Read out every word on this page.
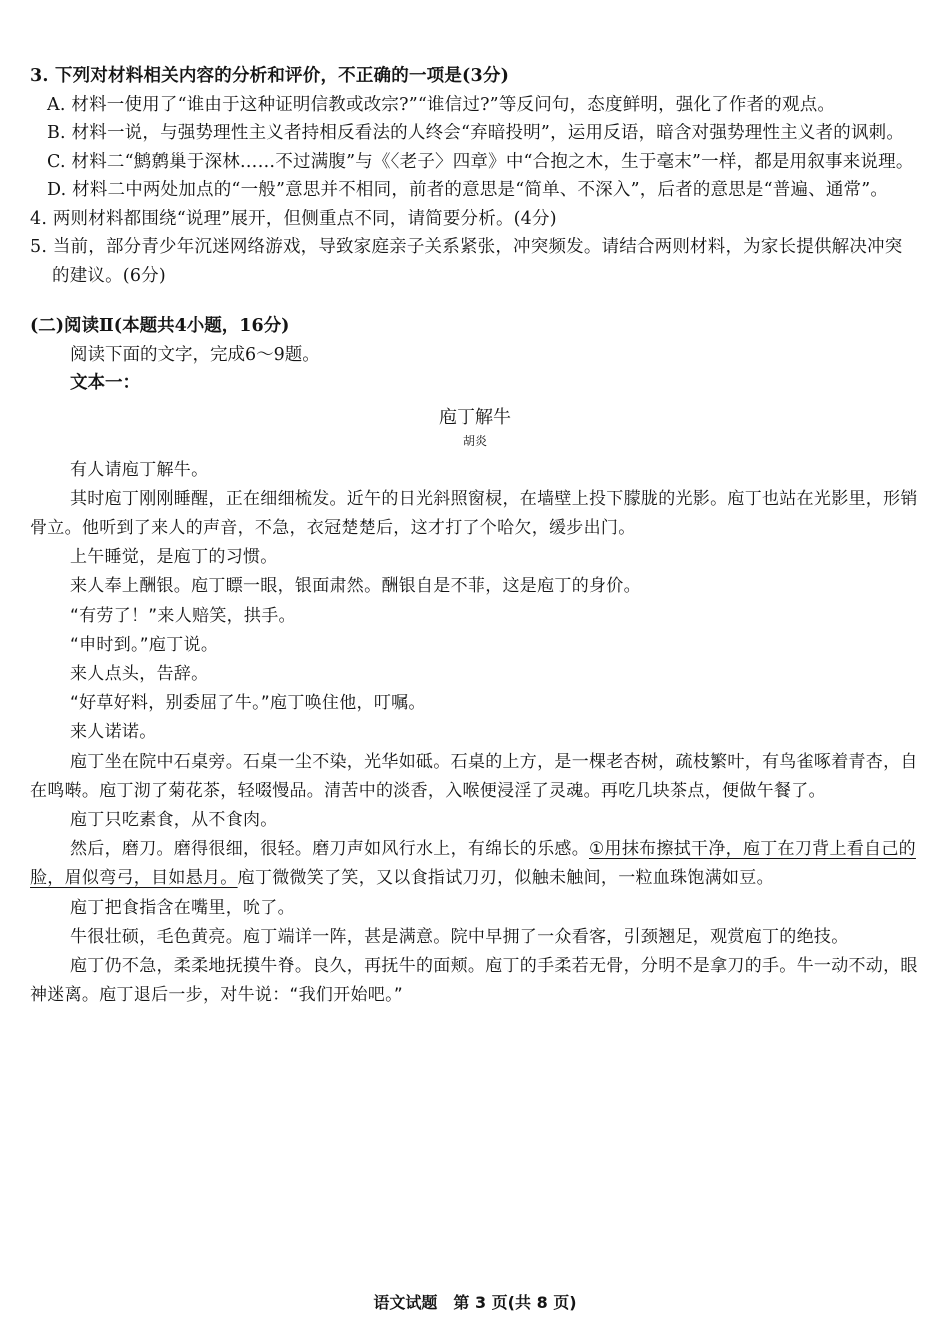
3. 下列对材料相关内容的分析和评价，不正确的一项是(3分)
A. 材料一使用了“谁由于这种证明信教或改宗?”“谁信过?”等反问句，态度鲜明，强化了作者的观点。
B. 材料一说，与强势理性主义者持相反看法的人终会“弃暗投明”，运用反语，暗含对强势理性主义者的讽刺。
C. 材料二“鹪鹩巢于深林……不过满腹”与《〈老子〉四章》中“合抱之木，生于毫末”一样，都是用叙事来说理。
D. 材料二中两处加点的“一般”意思并不相同，前者的意思是“简单、不深入”，后者的意思是“普遍、通常”。
4. 两则材料都围绕“说理”展开，但侧重点不同，请简要分析。(4分)
5. 当前，部分青少年沉迷网络游戏，导致家庭亲子关系紧张，冲突频发。请结合两则材料，为家长提供解决冲突的建议。(6分)
(二)阅读Ⅱ(本题共4小题，16分)
阅读下面的文字，完成6～9题。
文本一：
庖丁解牛
胡炎
有人请庖丁解牛。
其时庖丁刚刚睡醒，正在细细梳发。近午的日光斜照窗棂，在墙壁上投下朦胧的光影。庖丁也站在光影里，形销骨立。他听到了来人的声音，不急，衣冠楚楚后，这才打了个哈欠，缓步出门。
上午睡觉，是庖丁的习惯。
来人奉上酬银。庖丁瞟一眼，银面肃然。酬银自是不菲，这是庖丁的身价。
“有劳了！”来人赔笑，拱手。
“申时到。”庖丁说。
来人点头，告辞。
“好草好料，别委屈了牛。”庖丁唤住他，叮嘱。
来人诺诺。
庖丁坐在院中石桌旁。石桌一尘不染，光华如砥。石桌的上方，是一棵老杏树，疏枝繁叶，有鸟雀啄着青杏，自在鸣啭。庖丁沏了菊花茶，轻啜慢品。清苦中的淡香，入喉便浸淫了灵魂。再吃几块茶点，便做午餐了。
庖丁只吃素食，从不食肉。
然后，磨刀。磨得很细，很轻。磨刀声如风行水上，有绵长的乐感。①用抹布擦拭干净，庖丁在刀背上看自己的脸，眉似弯弓，目如悬月。庖丁微微笑了笑，又以食指试刀刃，似触未触间，一粒血珠饱满如豆。
庖丁把食指含在嘴里，吮了。
牛很壮硕，毛色黄亮。庖丁端详一阵，甚是满意。院中早拥了一众看客，引颈翘足，观赏庖丁的绝技。
庖丁仍不急，柔柔地抚摸牛脊。良久，再抚牛的面颊。庖丁的手柔若无骨，分明不是拿刀的手。牛一动不动，眼神迷离。庖丁退后一步，对牛说：“我们开始吧。”
语文试题　第 3 页(共 8 页)
